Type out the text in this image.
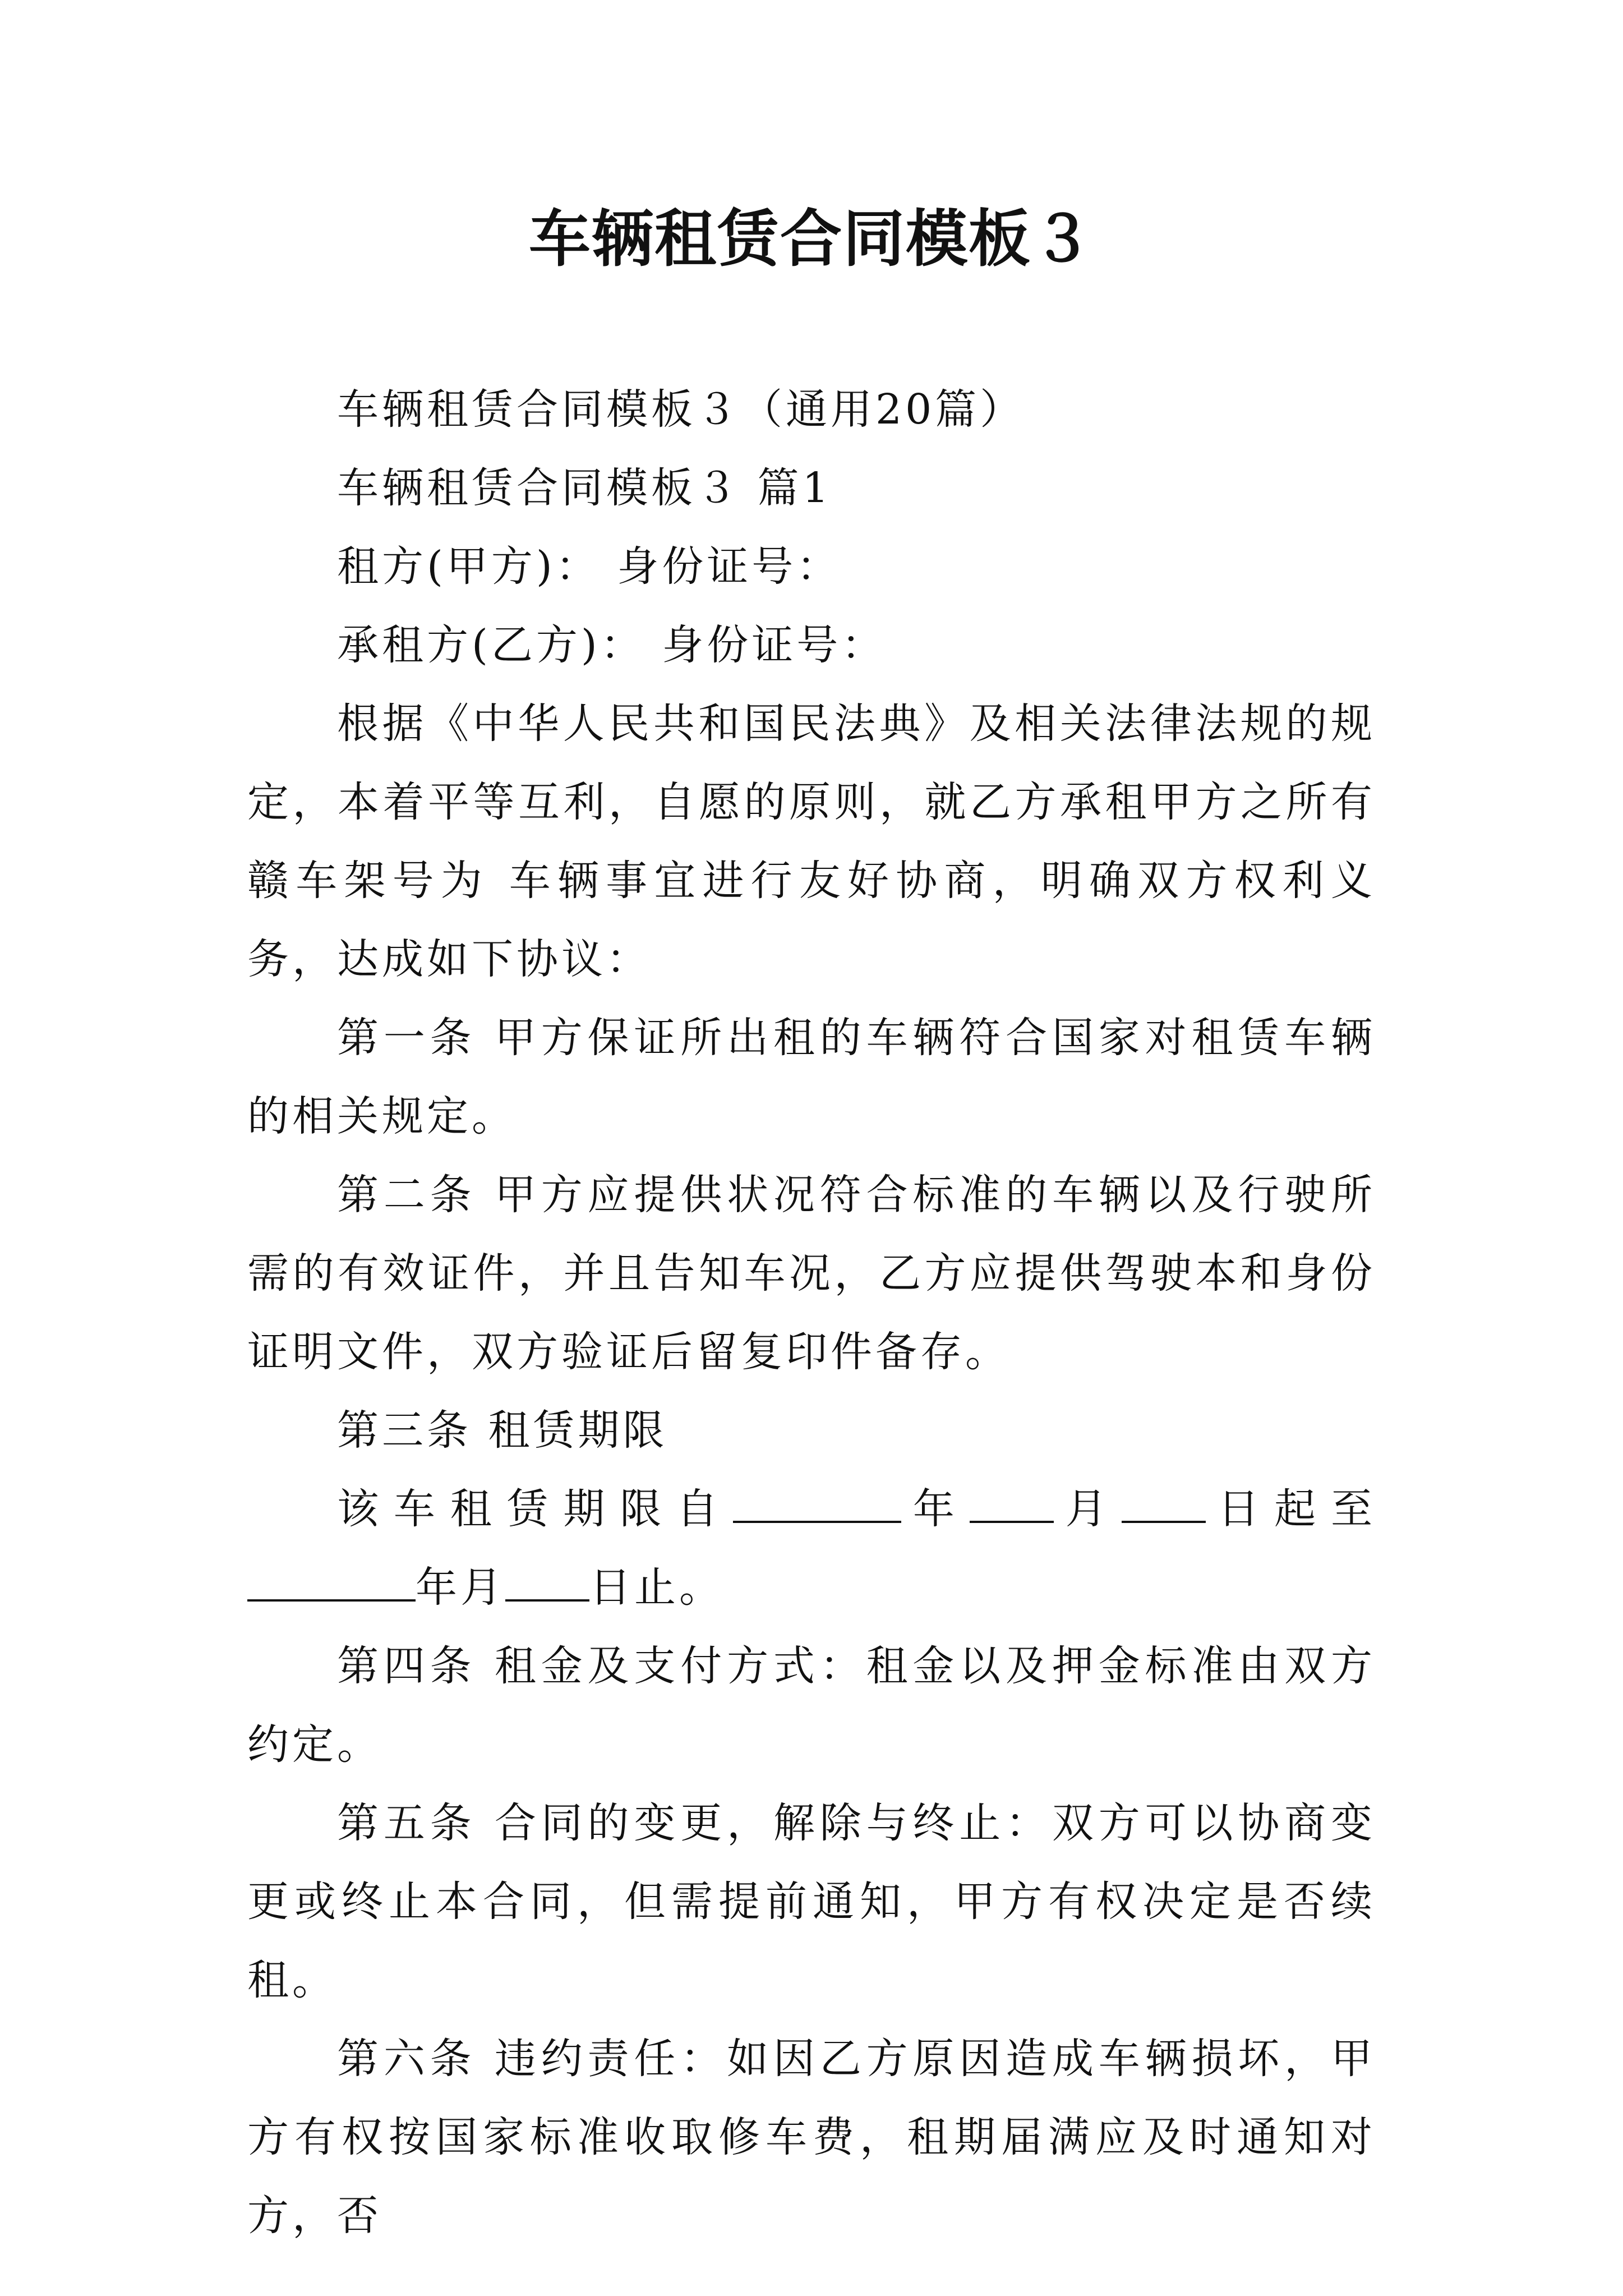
车辆租赁合同模板３

车辆租赁合同模板３（通用20篇）

车辆租赁合同模板３ 篇1

租方(甲方)： 身份证号：

承租方(乙方)： 身份证号：

根据《中华人民共和国民法典》及相关法律法规的规定，本着平等互利，自愿的原则，就乙方承租甲方之所有赣车架号为 车辆事宜进行友好协商，明确双方权利义务，达成如下协议：

第一条 甲方保证所出租的车辆符合国家对租赁车辆的相关规定。

第二条 甲方应提供状况符合标准的车辆以及行驶所需的有效证件，并且告知车况，乙方应提供驾驶本和身份证明文件，双方验证后留复印件备存。

第三条 租赁期限

该车租赁期限自	年 月 日起至年月 日止。

第四条 租金及支付方式：租金以及押金标准由双方约定。

第五条 合同的变更，解除与终止：双方可以协商变更或终止本合同，但需提前通知，甲方有权决定是否续租。

第六条 违约责任：如因乙方原因造成车辆损坏，甲方有权按国家标准收取修车费，租期届满应及时通知对方，否
